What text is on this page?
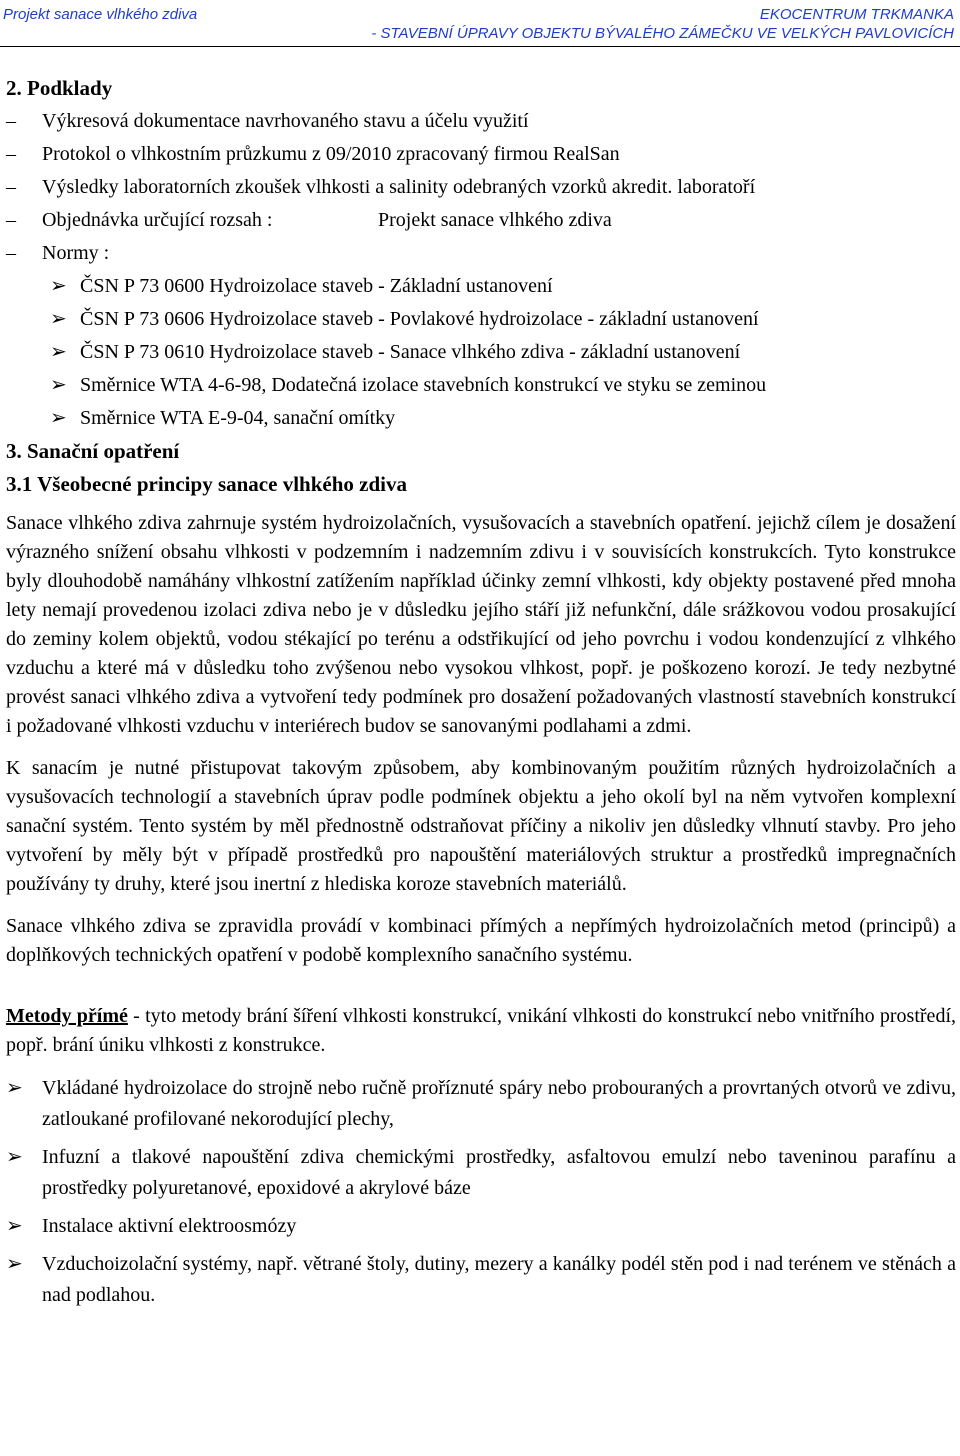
Projekt sanace vlhkého zdiva	EKOCENTRUM TRKMANKA
- STAVEBNÍ ÚPRAVY OBJEKTU BÝVALÉHO ZÁMEČKU VE VELKÝCH PAVLOVICÍCH
2. Podklady
– Výkresová dokumentace navrhovaného stavu a účelu využití
– Protokol o vlhkostním průzkumu z 09/2010 zpracovaný firmou RealSan
– Výsledky laboratorních zkoušek vlhkosti a salinity odebraných vzorků akredit. laboratoří
– Objednávka určující rozsah :	Projekt sanace vlhkého zdiva
– Normy :
➢ ČSN P 73 0600 Hydroizolace staveb - Základní ustanovení
➢ ČSN P 73 0606 Hydroizolace staveb - Povlakové hydroizolace - základní ustanovení
➢ ČSN P 73 0610 Hydroizolace staveb - Sanace vlhkého zdiva - základní ustanovení
➢ Směrnice WTA 4-6-98, Dodatečná izolace stavebních konstrukcí ve styku se zeminou
➢ Směrnice WTA E-9-04, sanační omítky
3. Sanační opatření
3.1 Všeobecné principy sanace vlhkého zdiva

Sanace vlhkého zdiva zahrnuje systém hydroizolačních, vysušovacích a stavebních opatření. jejichž cílem je dosažení výrazného snížení obsahu vlhkosti v podzemním i nadzemním zdivu i v souvisících konstrukcích. Tyto konstrukce byly dlouhodobě namáhány vlhkostní zatížením například účinky zemní vlhkosti, kdy objekty postavené před mnoha lety nemají provedenou izolaci zdiva nebo je v důsledku jejího stáří již nefunkční, dále srážkovou vodou prosakující do zeminy kolem objektů, vodou stékající po terénu a odstřikující od jeho povrchu i vodou kondenzující z vlhkého vzduchu a které má v důsledku toho zvýšenou nebo vysokou vlhkost, popř. je poškozeno korozí. Je tedy nezbytné provést sanaci vlhkého zdiva a vytvoření tedy podmínek pro dosažení požadovaných vlastností stavebních konstrukcí i požadované vlhkosti vzduchu v interiérech budov se sanovanými podlahami a zdmi.

K sanacím je nutné přistupovat takovým způsobem, aby kombinovaným použitím různých hydroizolačních a vysušovacích technologií a stavebních úprav podle podmínek objektu a jeho okolí byl na něm vytvořen komplexní sanační systém. Tento systém by měl přednostně odstraňovat příčiny a nikoliv jen důsledky vlhnutí stavby. Pro jeho vytvoření by měly být v případě prostředků pro napouštění materiálových struktur a prostředků impregnačních používány ty druhy, které jsou inertní z hlediska koroze stavebních materiálů.

Sanace vlhkého zdiva se zpravidla provádí v kombinaci přímých a nepřímých hydroizolačních metod (principů) a doplňkových technických opatření v podobě komplexního sanačního systému.

Metody přímé - tyto metody brání šíření vlhkosti konstrukcí, vnikání vlhkosti do konstrukcí nebo vnitřního prostředí, popř. brání úniku vlhkosti z konstrukce.

➢ Vkládané hydroizolace do strojně nebo ručně proříznuté spáry nebo probouraných a provrtaných otvorů ve zdivu, zatloukané profilované nekorodující plechy,
➢ Infuzní a tlakové napouštění zdiva chemickými prostředky, asfaltovou emulzí nebo taveninou parafínu a prostředky polyuretanové, epoxidové a akrylové báze
➢ Instalace aktivní elektroosmózy
➢ Vzduchoizolační systémy, např. větrané štoly, dutiny, mezery a kanálky podél stěn pod i nad terénem ve stěnách a nad podlahou.
